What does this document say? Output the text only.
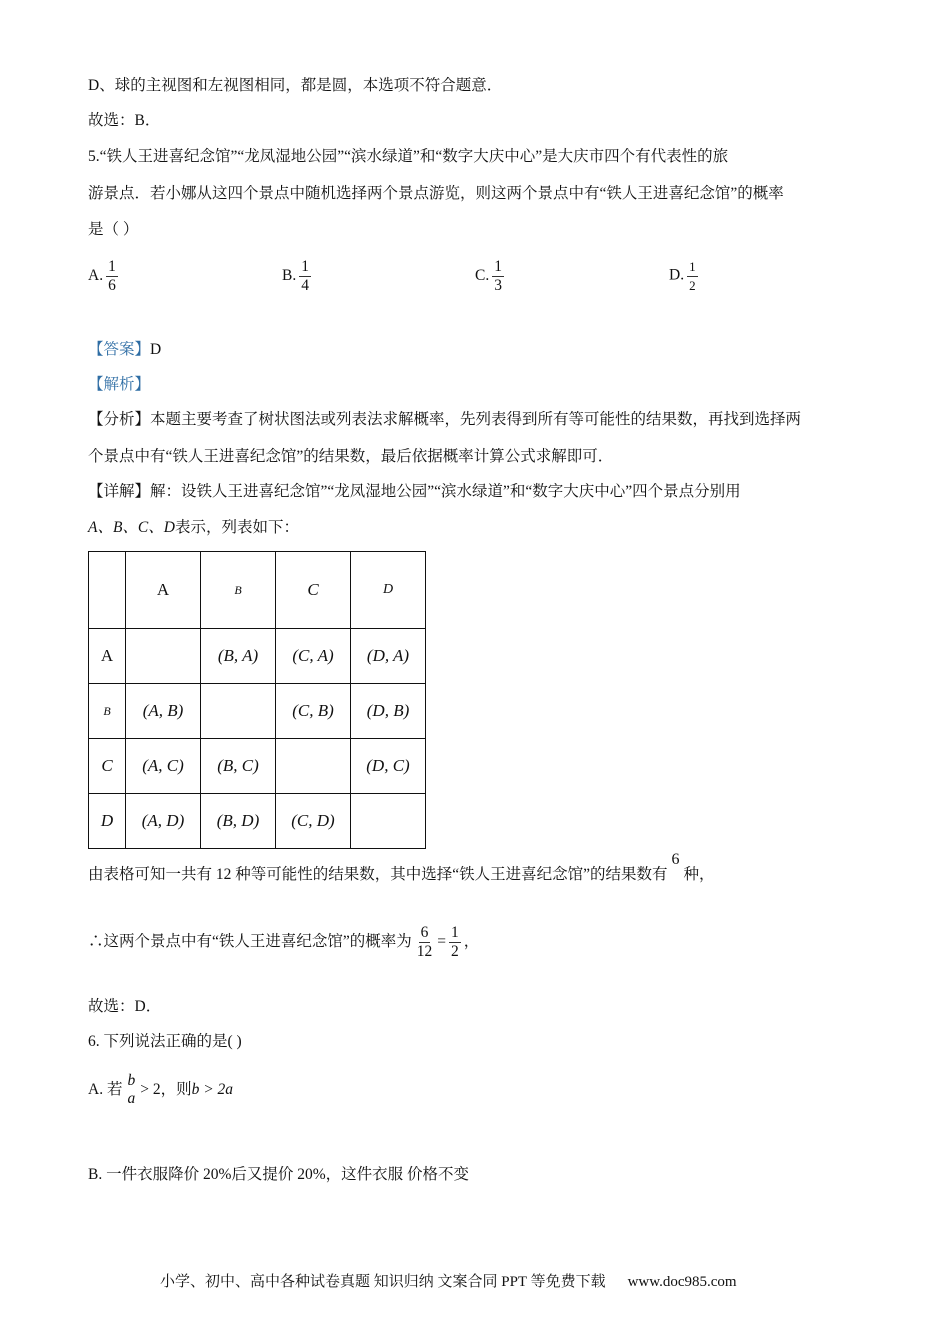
D、球的主视图和左视图相同，都是圆，本选项不符合题意．
故选：B．
5.“铁人王进喜纪念馆”“龙凤湿地公园”“滨水绿道”和“数字大庆中心”是大庆市四个有代表性的旅
游景点．若小娜从这四个景点中随机选择两个景点游览，则这两个景点中有“铁人王进喜纪念馆”的概率
是（ ）
A. $\frac{1}{6}$	B. $\frac{1}{4}$	C. $\frac{1}{3}$	D. $\frac{1}{2}$
【答案】D
【解析】
【分析】本题主要考查了树状图法或列表法求解概率，先列表得到所有等可能性的结果数，再找到选择两
个景点中有“铁人王进喜纪念馆”的结果数，最后依据概率计算公式求解即可．
【详解】解：设铁人王进喜纪念馆”“龙凤湿地公园”“滨水绿道”和“数字大庆中心”四个景点分别用
A、B、C、D表示，列表如下：
	A	B	C	D
A		(B, A)	(C, A)	(D, A)
B	(A, B)		(C, B)	(D, B)
C	(A, C)	(B, C)		(D, C)
D	(A, D)	(B, D)	(C, D)	
由表格可知一共有 12 种等可能性的结果数，其中选择“铁人王进喜纪念馆”的结果数有6种，
∴这两个景点中有“铁人王进喜纪念馆”的概率为 $\frac{6}{12} = \frac{1}{2}$ ，
故选：D．
6. 下列说法正确的是( )
A. 若
b
a
> 2，则b > 2a
B. 一件衣服降价 20%后又提价 20%，这件衣服 价格不变
小学、初中、高中各种试卷真题 知识归纳 文案合同 PPT 等免费下载 www.doc985.com
